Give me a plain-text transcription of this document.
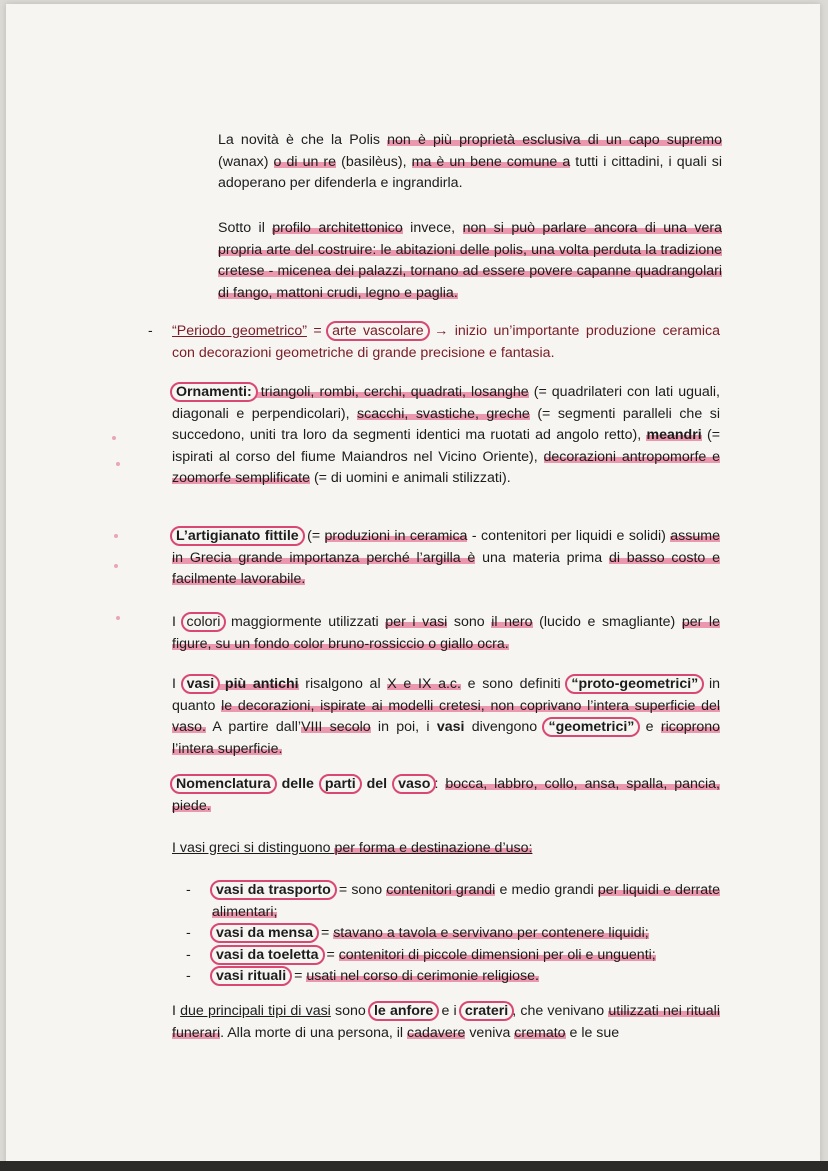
La novità è che la Polis non è più proprietà esclusiva di un capo supremo (wanax) o di un re (basilèus), ma è un bene comune a tutti i cittadini, i quali si adoperano per difenderla e ingrandirla.
Sotto il profilo architettonico invece, non si può parlare ancora di una vera propria arte del costruire: le abitazioni delle polis, una volta perduta la tradizione cretese - micenea dei palazzi, tornano ad essere povere capanne quadrangolari di fango, mattoni crudi, legno e paglia.
- “Periodo geometrico” = arte vascolare → inizio un’importante produzione ceramica con decorazioni geometriche di grande precisione e fantasia.
Ornamenti: triangoli, rombi, cerchi, quadrati, losanghe (= quadrilateri con lati uguali, diagonali e perpendicolari), scacchi, svastiche, greche (= segmenti paralleli che si succedono, uniti tra loro da segmenti identici ma ruotati ad angolo retto), meandri (= ispirati al corso del fiume Maiandros nel Vicino Oriente), decorazioni antropomorfe e zoomorfe semplificate (= di uomini e animali stilizzati).
L’artigianato fittile (= produzioni in ceramica - contenitori per liquidi e solidi) assume in Grecia grande importanza perché l’argilla è una materia prima di basso costo e facilmente lavorabile.
I colori maggiormente utilizzati per i vasi sono il nero (lucido e smagliante) per le figure, su un fondo color bruno-rossiccio o giallo ocra.
I vasi più antichi risalgono al X e IX a.c. e sono definiti “proto-geometrici” in quanto le decorazioni, ispirate ai modelli cretesi, non coprivano l’intera superficie del vaso. A partire dall’VIII secolo in poi, i vasi divengono “geometrici” e ricoprono l’intera superficie.
Nomenclatura delle parti del vaso : bocca, labbro, collo, ansa, spalla, pancia, piede.
I vasi greci si distinguono per forma e destinazione d’uso:
- vasi da trasporto = sono contenitori grandi e medio grandi per liquidi e derrate alimentari;
- vasi da mensa = stavano a tavola e servivano per contenere liquidi;
- vasi da toeletta = contenitori di piccole dimensioni per oli e unguenti;
- vasi rituali = usati nel corso di cerimonie religiose.
I due principali tipi di vasi sono le anfore e i crateri , che venivano utilizzati nei rituali funerari. Alla morte di una persona, il cadavere veniva cremato e le sue
